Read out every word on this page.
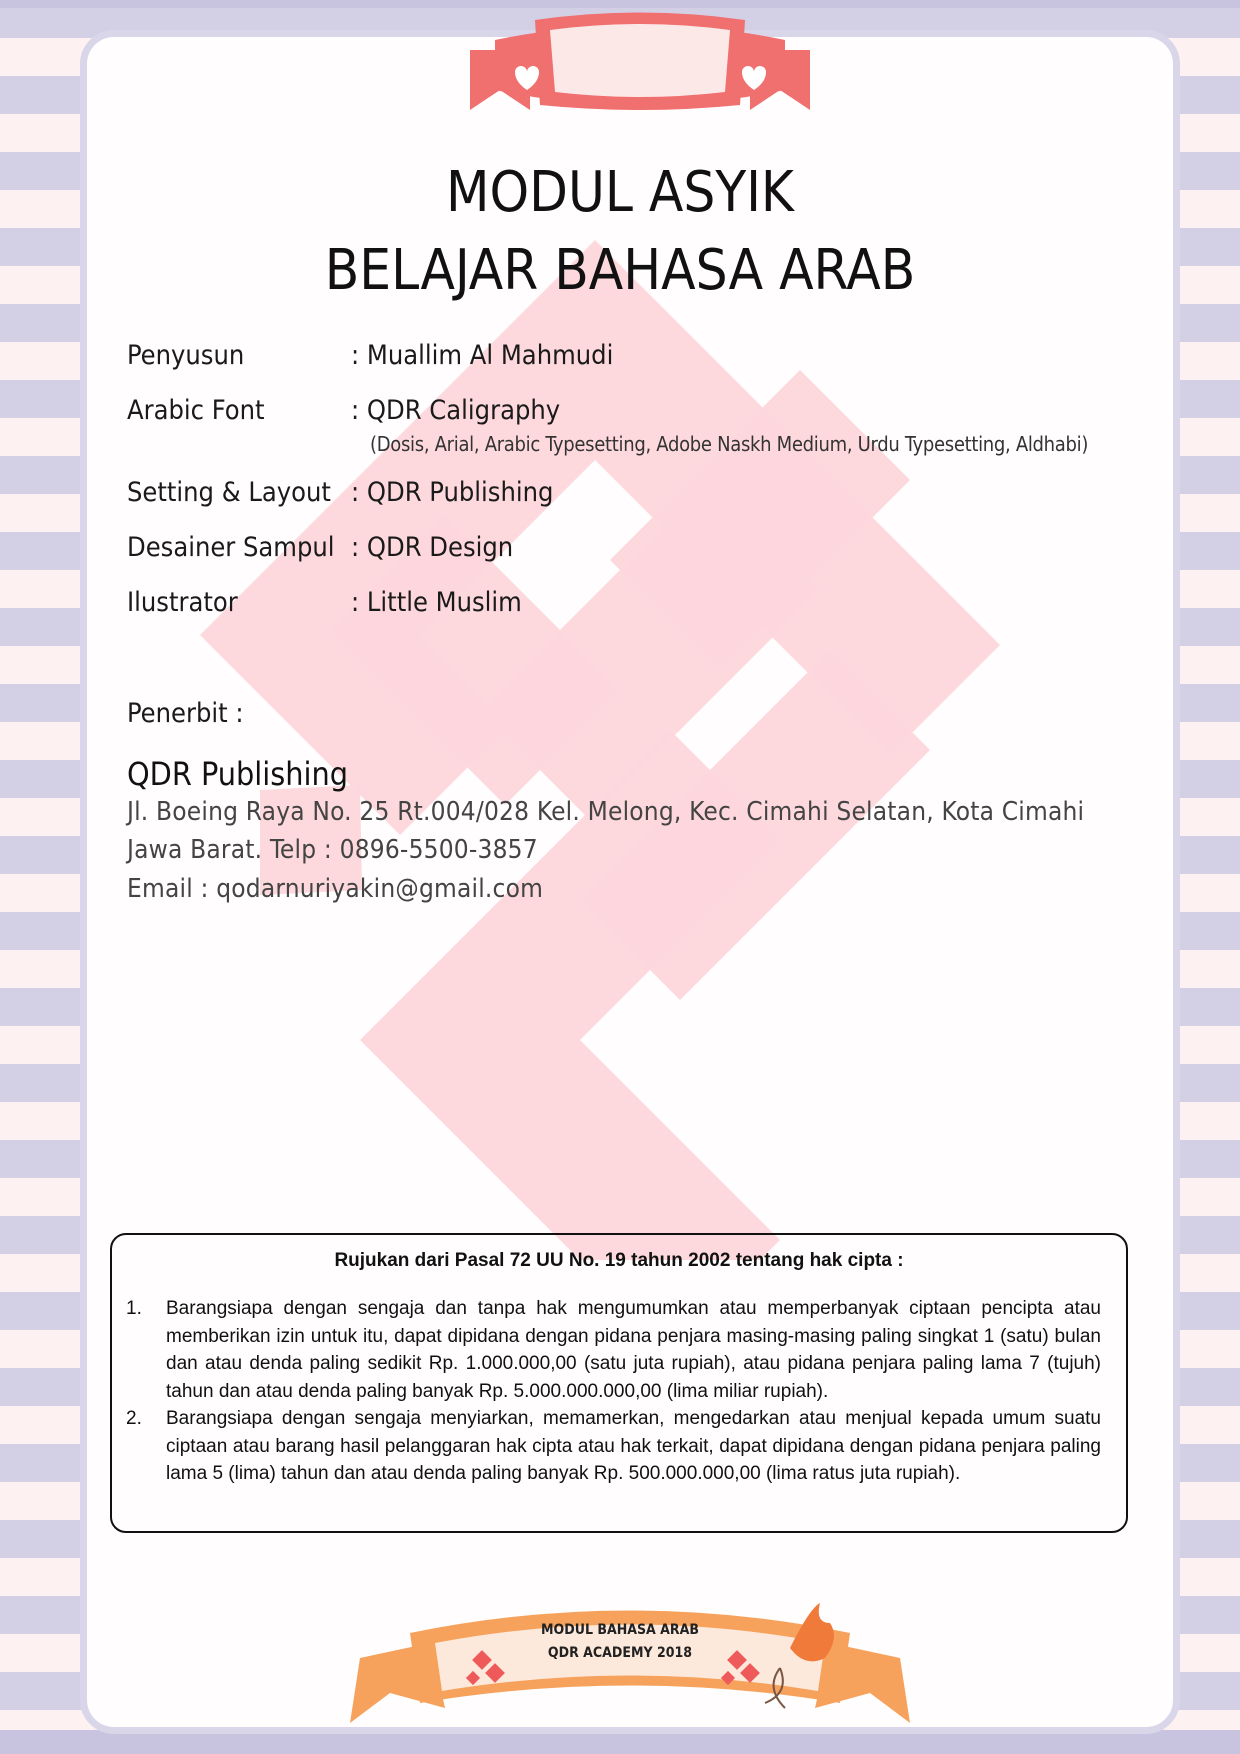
MODUL ASYIK
BELAJAR BAHASA ARAB
Penyusun	: Muallim Al Mahmudi
Arabic Font	: QDR Caligraphy
(Dosis, Arial, Arabic Typesetting, Adobe Naskh Medium, Urdu Typesetting, Aldhabi)
Setting & Layout : QDR Publishing
Desainer Sampul : QDR Design
Ilustrator	: Little Muslim
Penerbit :
QDR Publishing
Jl. Boeing Raya No. 25 Rt.004/028 Kel. Melong, Kec. Cimahi Selatan, Kota Cimahi
Jawa Barat. Telp : 0896-5500-3857
Email : qodarnuriyakin@gmail.com
Rujukan dari Pasal 72 UU No. 19 tahun 2002 tentang hak cipta :
1. Barangsiapa dengan sengaja dan tanpa hak mengumumkan atau memperbanyak ciptaan pencipta atau memberikan izin untuk itu, dapat dipidana dengan pidana penjara masing-masing paling singkat 1 (satu) bulan dan atau denda paling sedikit Rp. 1.000.000,00 (satu juta rupiah), atau pidana penjara paling lama 7 (tujuh) tahun dan atau denda paling banyak Rp. 5.000.000.000,00 (lima miliar rupiah).
2. Barangsiapa dengan sengaja menyiarkan, memamerkan, mengedarkan atau menjual kepada umum suatu ciptaan atau barang hasil pelanggaran hak cipta atau hak terkait, dapat dipidana dengan pidana penjara paling lama 5 (lima) tahun dan atau denda paling banyak Rp. 500.000.000,00 (lima ratus juta rupiah).
MODUL BAHASA ARAB
QDR ACADEMY 2018
